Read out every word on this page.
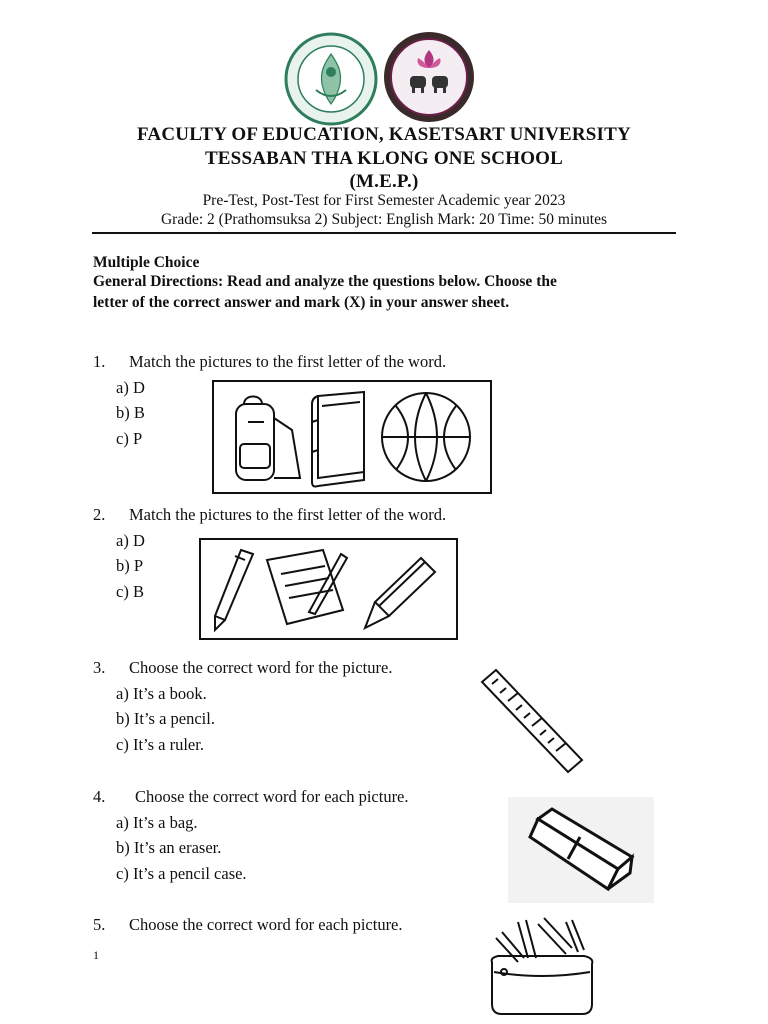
FACULTY OF EDUCATION, KASETSART UNIVERSITY
TESSABAN THA KLONG ONE SCHOOL
(M.E.P.)
Pre-Test, Post-Test for First Semester Academic year 2023
Grade: 2 (Prathomsuksa 2) Subject: English Mark: 20 Time: 50 minutes
Multiple Choice
General Directions: Read and analyze the questions below. Choose the
letter of the correct answer and mark (X) in your answer sheet.
1. Match the pictures to the first letter of the word.
a) D
b) B
c) P
2. Match the pictures to the first letter of the word.
a) D
b) P
c) B
3. Choose the correct word for the picture.
a) It’s a book.
b) It’s a pencil.
c) It’s a ruler.
4. Choose the correct word for each picture.
a) It’s a bag.
b) It’s an eraser.
c) It’s a pencil case.
5. Choose the correct word for each picture.
1
